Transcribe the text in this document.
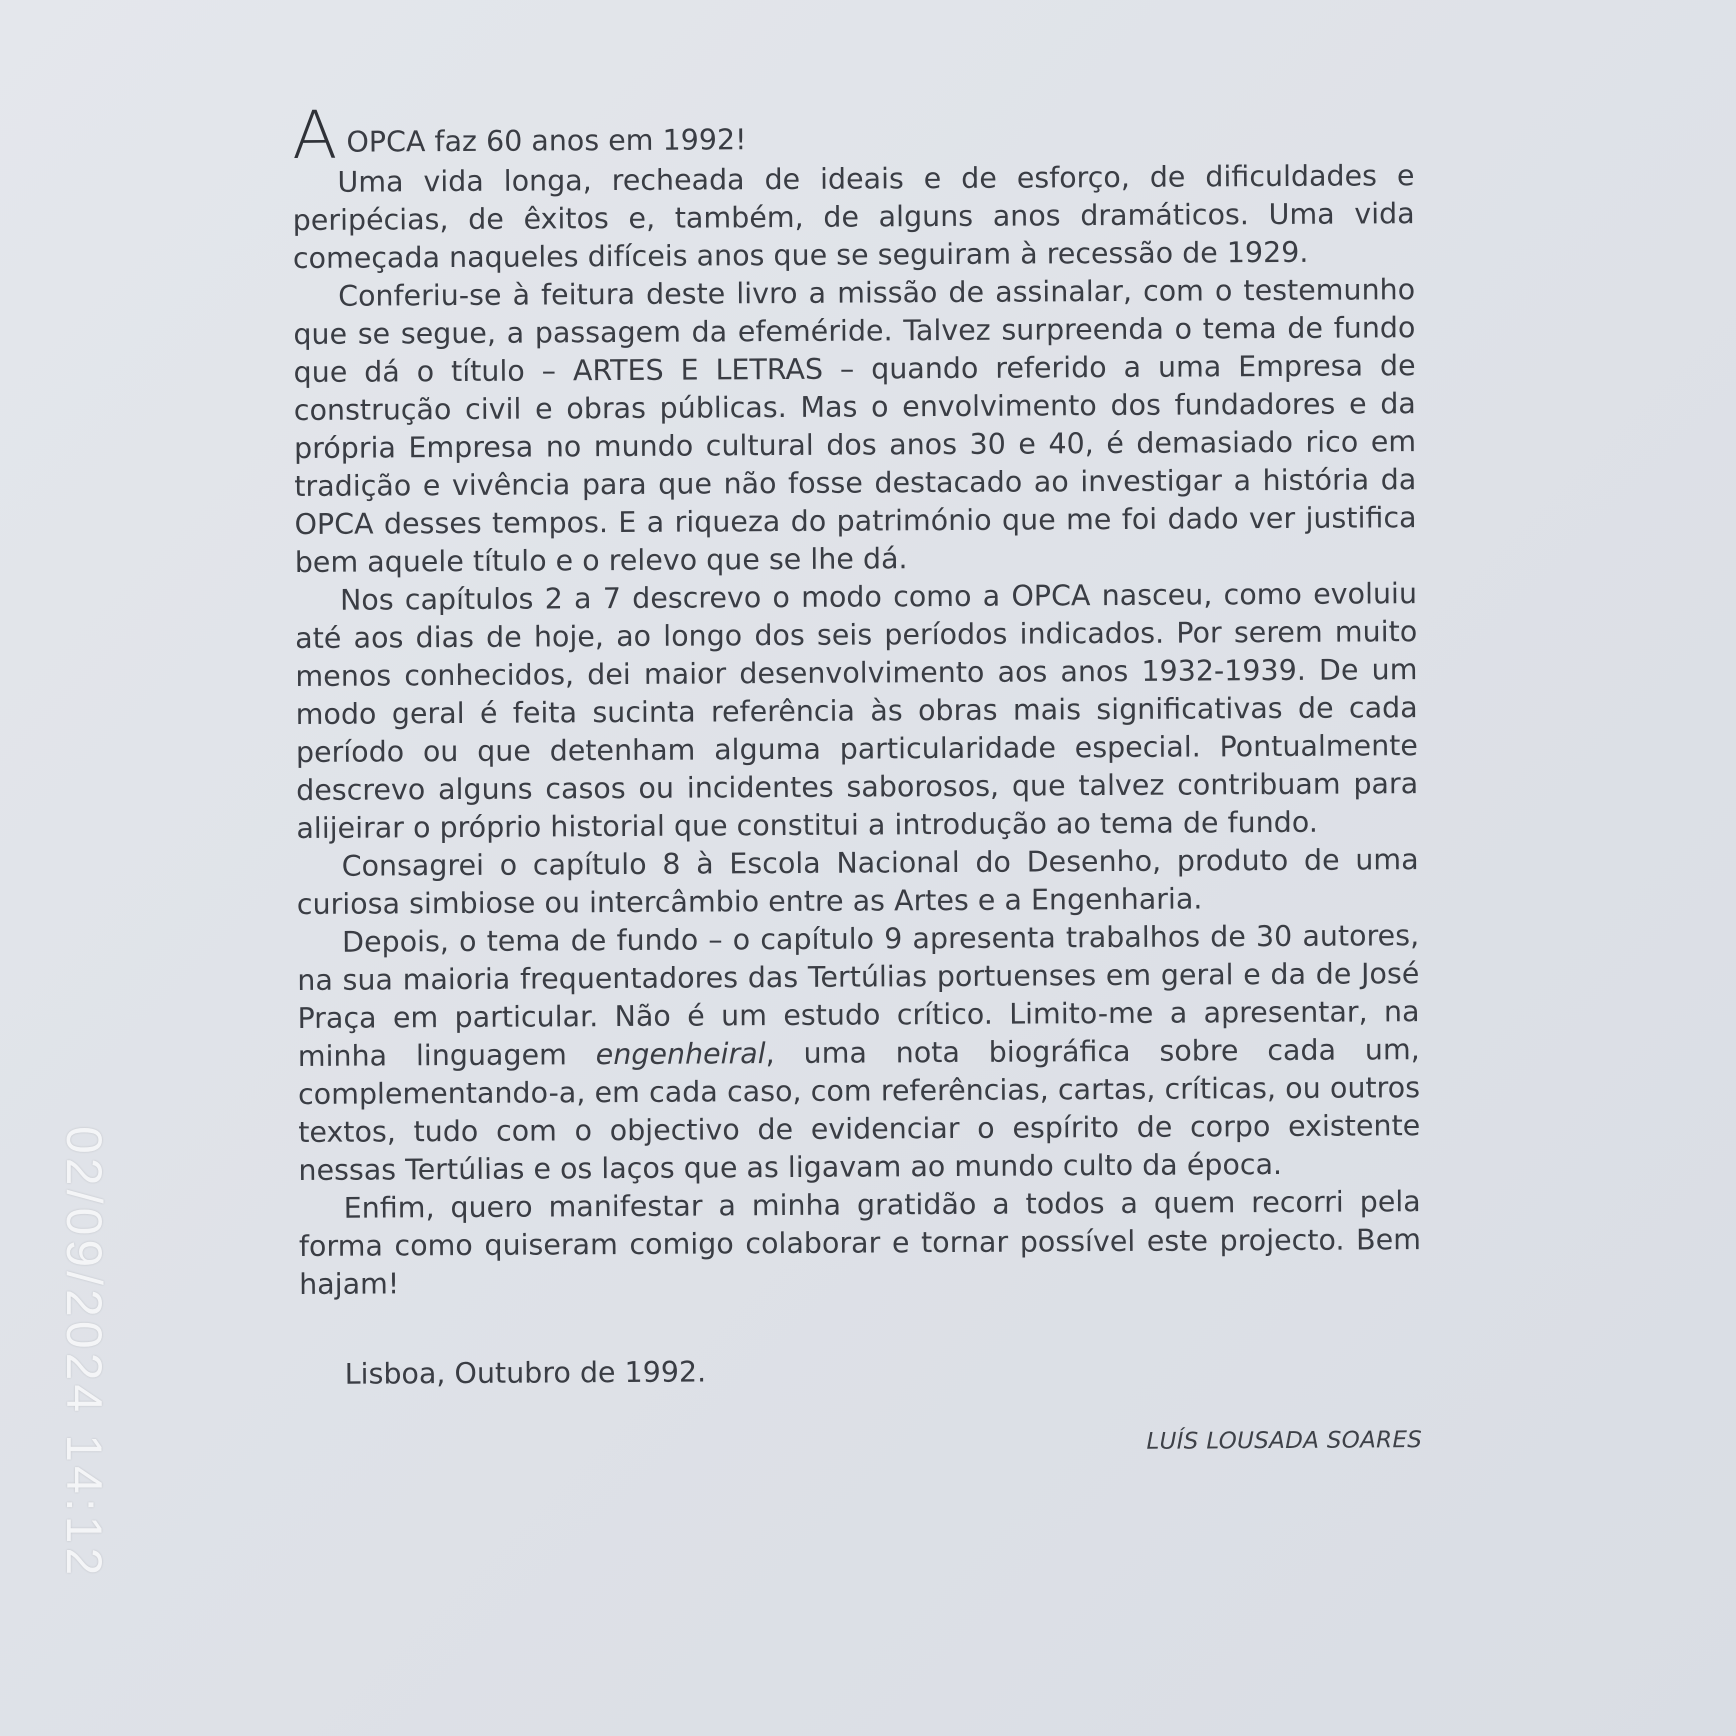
A OPCA faz 60 anos em 1992!

Uma vida longa, recheada de ideais e de esforço, de dificuldades e peripécias, de êxitos e, também, de alguns anos dramáticos. Uma vida começada naqueles difíceis anos que se seguiram à recessão de 1929.

Conferiu-se à feitura deste livro a missão de assinalar, com o testemunho que se segue, a passagem da efeméride. Talvez surpreenda o tema de fundo que dá o título – ARTES E LETRAS – quando referido a uma Empresa de construção civil e obras públicas. Mas o envolvimento dos fundadores e da própria Empresa no mundo cultural dos anos 30 e 40, é demasiado rico em tradição e vivência para que não fosse destacado ao investigar a história da OPCA desses tempos. E a riqueza do património que me foi dado ver justifica bem aquele título e o relevo que se lhe dá.

Nos capítulos 2 a 7 descrevo o modo como a OPCA nasceu, como evoluiu até aos dias de hoje, ao longo dos seis períodos indicados. Por serem muito menos conhecidos, dei maior desenvolvimento aos anos 1932-1939. De um modo geral é feita sucinta referência às obras mais significativas de cada período ou que detenham alguma particularidade especial. Pontualmente descrevo alguns casos ou incidentes saborosos, que talvez contribuam para alijeirar o próprio historial que constitui a introdução ao tema de fundo.

Consagrei o capítulo 8 à Escola Nacional do Desenho, produto de uma curiosa simbiose ou intercâmbio entre as Artes e a Engenharia.

Depois, o tema de fundo – o capítulo 9 apresenta trabalhos de 30 autores, na sua maioria frequentadores das Tertúlias portuenses em geral e da de José Praça em particular. Não é um estudo crítico. Limito-me a apresentar, na minha linguagem engenheiral, uma nota biográfica sobre cada um, complementando-a, em cada caso, com referências, cartas, críticas, ou outros textos, tudo com o objectivo de evidenciar o espírito de corpo existente nessas Tertúlias e os laços que as ligavam ao mundo culto da época.

Enfim, quero manifestar a minha gratidão a todos a quem recorri pela forma como quiseram comigo colaborar e tornar possível este projecto. Bem hajam!

Lisboa, Outubro de 1992.

LUÍS LOUSADA SOARES

02/09/2024 14:12
